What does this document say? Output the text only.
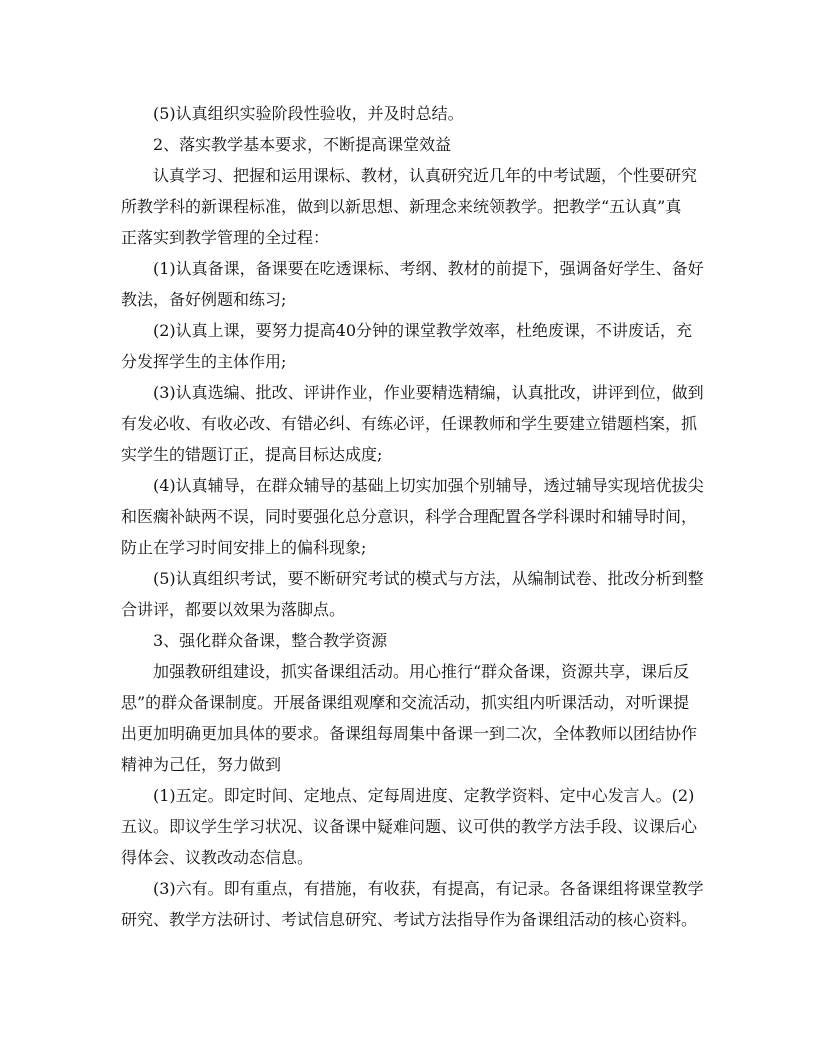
(5)认真组织实验阶段性验收，并及时总结。
2、落实教学基本要求，不断提高课堂效益
认真学习、把握和运用课标、教材，认真研究近几年的中考试题，个性要研究
所教学科的新课程标准，做到以新思想、新理念来统领教学。把教学“五认真”真
正落实到教学管理的全过程：
(1)认真备课，备课要在吃透课标、考纲、教材的前提下，强调备好学生、备好
教法，备好例题和练习;
(2)认真上课，要努力提高40分钟的课堂教学效率，杜绝废课，不讲废话，充
分发挥学生的主体作用;
(3)认真选编、批改、评讲作业，作业要精选精编，认真批改，讲评到位，做到
有发必收、有收必改、有错必纠、有练必评，任课教师和学生要建立错题档案，抓
实学生的错题订正，提高目标达成度;
(4)认真辅导，在群众辅导的基础上切实加强个别辅导，透过辅导实现培优拔尖
和医瘸补缺两不误，同时要强化总分意识，科学合理配置各学科课时和辅导时间，
防止在学习时间安排上的偏科现象;
(5)认真组织考试，要不断研究考试的模式与方法，从编制试卷、批改分析到整
合讲评，都要以效果为落脚点。
3、强化群众备课，整合教学资源
加强教研组建设，抓实备课组活动。用心推行“群众备课，资源共享，课后反
思”的群众备课制度。开展备课组观摩和交流活动，抓实组内听课活动，对听课提
出更加明确更加具体的要求。备课组每周集中备课一到二次，全体教师以团结协作
精神为己任，努力做到
(1)五定。即定时间、定地点、定每周进度、定教学资料、定中心发言人。(2)
五议。即议学生学习状况、议备课中疑难问题、议可供的教学方法手段、议课后心
得体会、议教改动态信息。
(3)六有。即有重点，有措施，有收获，有提高，有记录。各备课组将课堂教学
研究、教学方法研讨、考试信息研究、考试方法指导作为备课组活动的核心资料。
